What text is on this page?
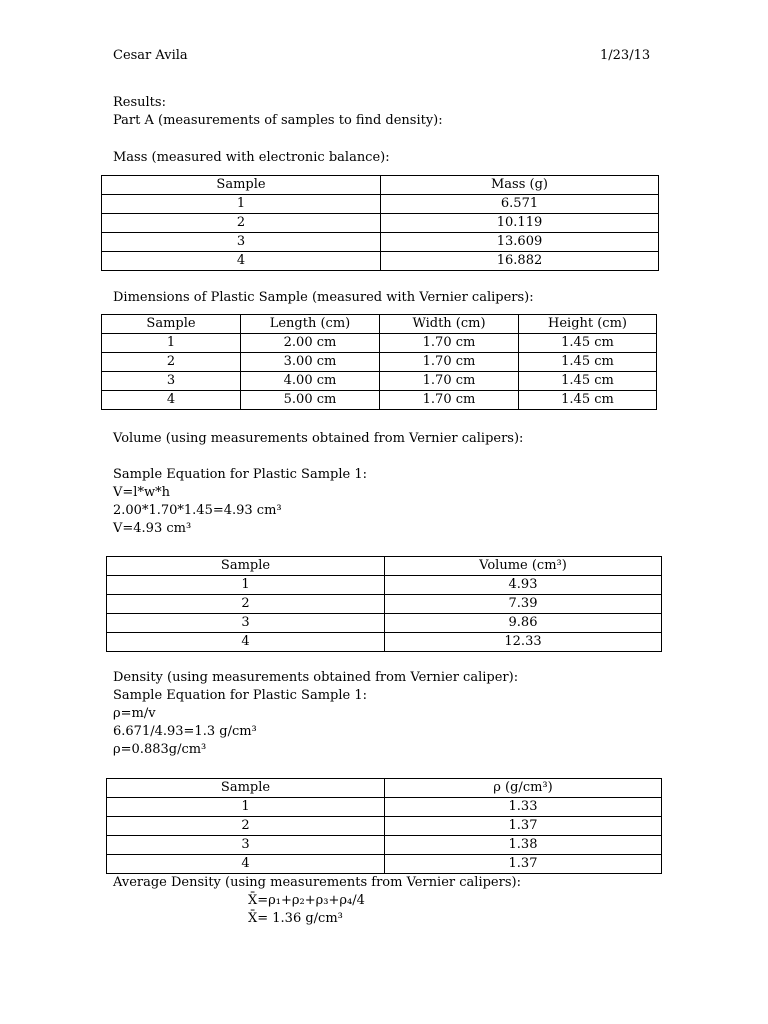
Cesar Avila	1/23/13
Results:
Part A (measurements of samples to find density):
Mass (measured with electronic balance):
Sample	Mass (g)
1	6.571
2	10.119
3	13.609
4	16.882
Dimensions of Plastic Sample (measured with Vernier calipers):
Sample	Length (cm)	Width (cm)	Height (cm)
1	2.00 cm	1.70 cm	1.45 cm
2	3.00 cm	1.70 cm	1.45 cm
3	4.00 cm	1.70 cm	1.45 cm
4	5.00 cm	1.70 cm	1.45 cm
Volume (using measurements obtained from Vernier calipers):
Sample Equation for Plastic Sample 1:
V=l*w*h
2.00*1.70*1.45=4.93 cm³
V=4.93 cm³
Sample	Volume (cm³)
1	4.93
2	7.39
3	9.86
4	12.33
Density (using measurements obtained from Vernier caliper):
Sample Equation for Plastic Sample 1:
ρ=m/v
6.671/4.93=1.3 g/cm³
ρ=0.883g/cm³
Sample	ρ (g/cm³)
1	1.33
2	1.37
3	1.38
4	1.37
Average Density (using measurements from Vernier calipers):
X̄=ρ₁+ρ₂+ρ₃+ρ₄/4
X̄= 1.36 g/cm³
